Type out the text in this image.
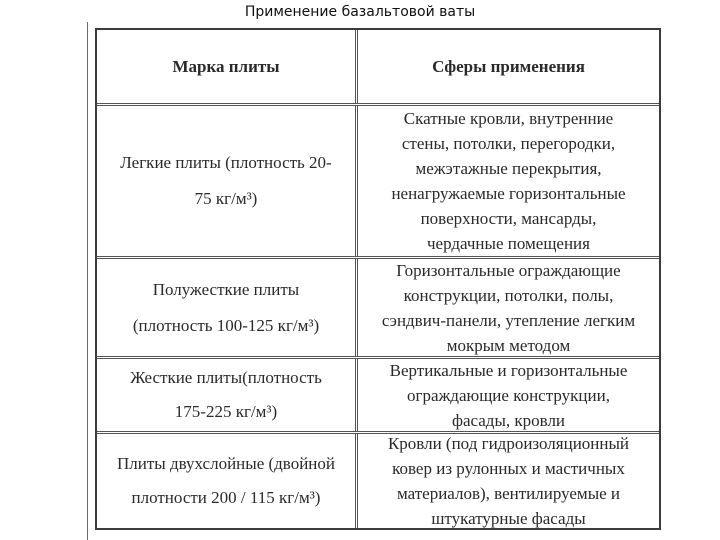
Применение базальтовой ваты
Марка плиты	Сферы применения
Легкие плиты (плотность 20-
75 кг/м³)
Скатные кровли, внутренние
стены, потолки, перегородки,
межэтажные перекрытия,
ненагружаемые горизонтальные
поверхности, мансарды,
чердачные помещения
Полужесткие плиты
(плотность 100-125 кг/м³)
Горизонтальные ограждающие
конструкции, потолки, полы,
сэндвич-панели, утепление легким
мокрым методом
Жесткие плиты(плотность
175-225 кг/м³)
Вертикальные и горизонтальные
ограждающие конструкции,
фасады, кровли
Плиты двухслойные (двойной
плотности 200 / 115 кг/м³)
Кровли (под гидроизоляционный
ковер из рулонных и мастичных
материалов), вентилируемые и
штукатурные фасады
